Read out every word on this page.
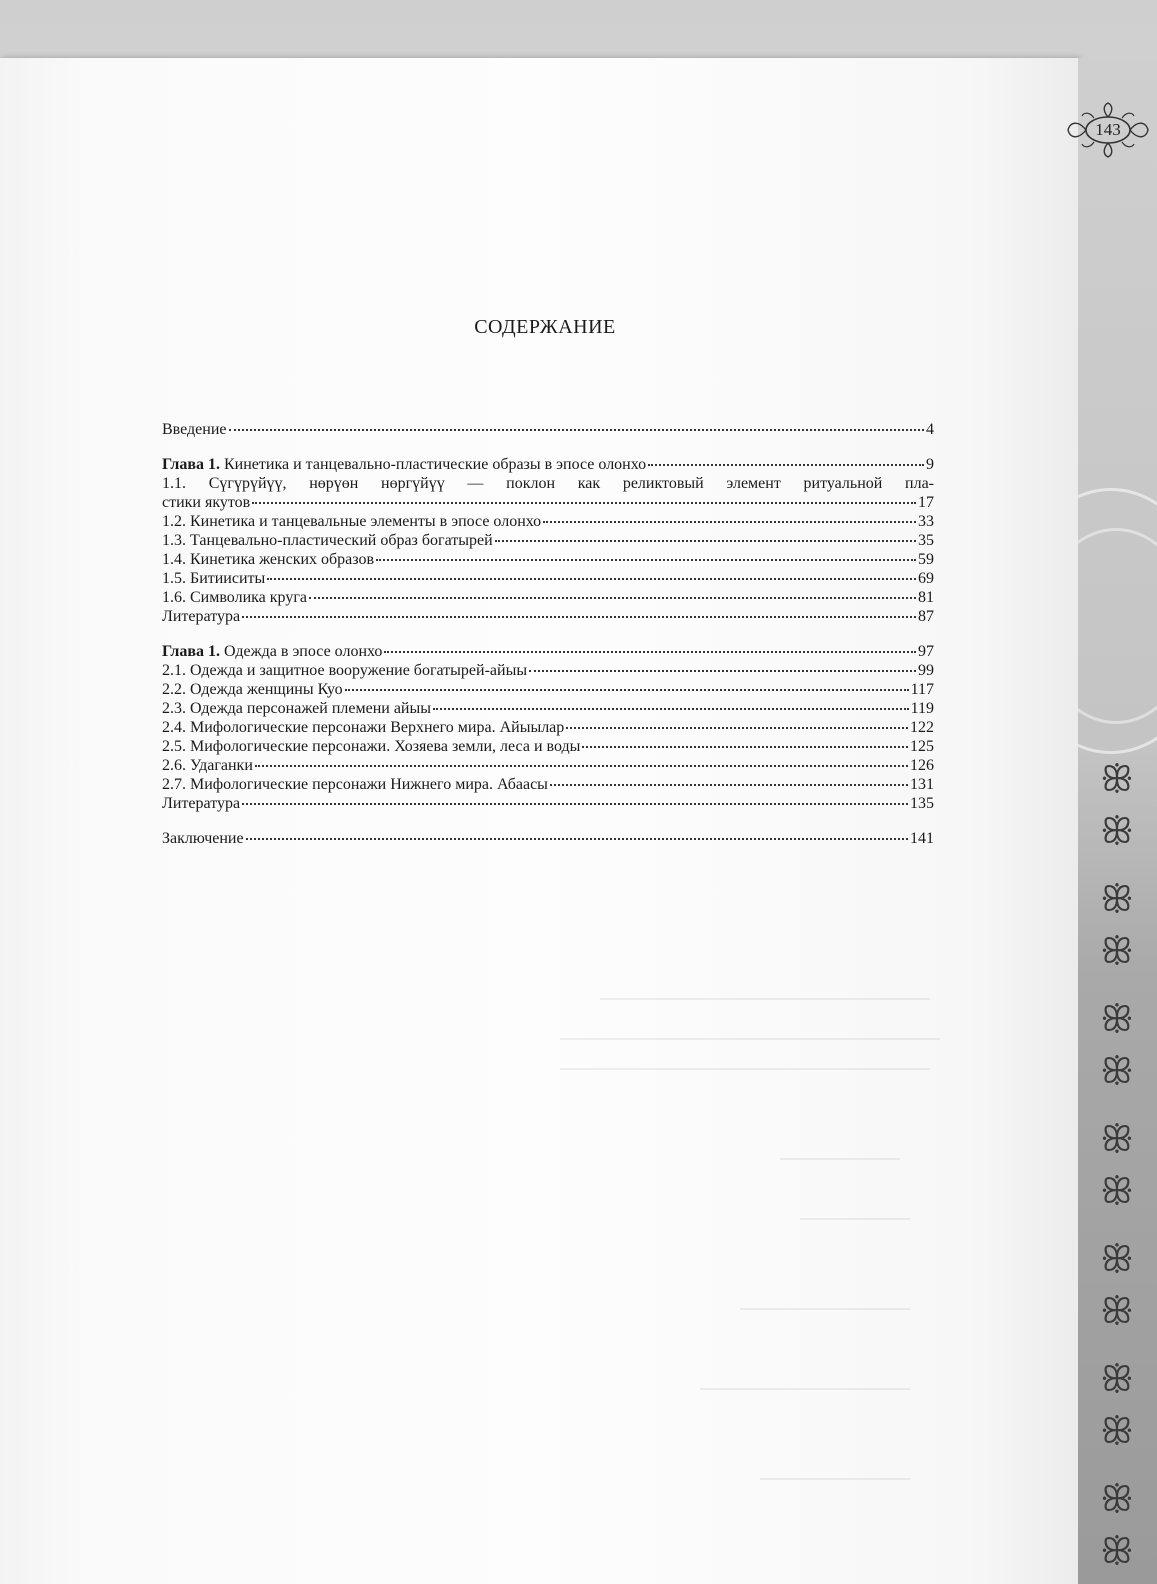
ꕥ
ꕥ
ꕥ
ꕥ
ꕥ
ꕥ
ꕥ
ꕥ
ꕥ
ꕥ
ꕥ
ꕥ
ꕥ
ꕥ
143
СОДЕРЖАНИЕ
Введение	4
Глава 1. Кинетика и танцевально-пластические образы в эпосе олонхо	9
1.1. Сүгүрүйүү, нөрүөн нөргүйүү — поклон как реликтовый элемент ритуальной пла-
стики якутов	17
1.2. Кинетика и танцевальные элементы в эпосе олонхо	33
1.3. Танцевально-пластический образ богатырей	35
1.4. Кинетика женских образов	59
1.5. Битииситы	69
1.6. Символика круга	81
Литература	87
Глава 1. Одежда в эпосе олонхо	97
2.1. Одежда и защитное вооружение богатырей-айыы	99
2.2. Одежда женщины Куо	117
2.3. Одежда персонажей племени айыы	119
2.4. Мифологические персонажи Верхнего мира. Айыылар	122
2.5. Мифологические персонажи. Хозяева земли, леса и воды	125
2.6. Удаганки	126
2.7. Мифологические персонажи Нижнего мира. Абаасы	131
Литература	135
Заключение	141
